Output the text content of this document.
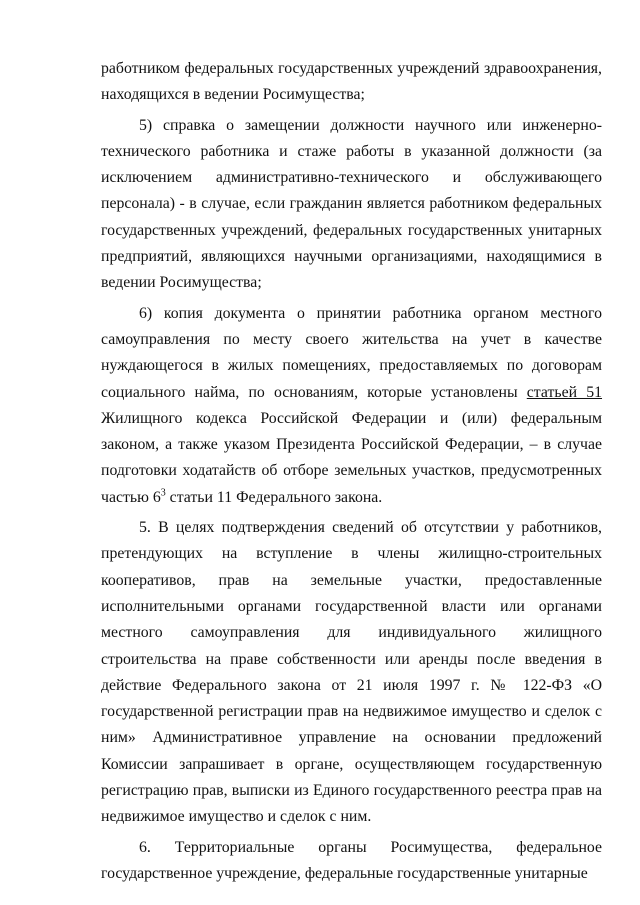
работником федеральных государственных учреждений здравоохранения, находящихся в ведении Росимущества;

5) справка о замещении должности научного или инженерно-технического работника и стаже работы в указанной должности (за исключением административно-технического и обслуживающего персонала) - в случае, если гражданин является работником федеральных государственных учреждений, федеральных государственных унитарных предприятий, являющихся научными организациями, находящимися в ведении Росимущества;

6) копия документа о принятии работника органом местного самоуправления по месту своего жительства на учет в качестве нуждающегося в жилых помещениях, предоставляемых по договорам социального найма, по основаниям, которые установлены статьей 51 Жилищного кодекса Российской Федерации и (или) федеральным законом, а также указом Президента Российской Федерации, – в случае подготовки ходатайств об отборе земельных участков, предусмотренных частью $6^3$ статьи 11 Федерального закона.

5. В целях подтверждения сведений об отсутствии у работников, претендующих на вступление в члены жилищно-строительных кооперативов, прав на земельные участки, предоставленные исполнительными органами государственной власти или органами местного самоуправления для индивидуального жилищного строительства на праве собственности или аренды после введения в действие Федерального закона от 21 июля 1997 г. № 122-ФЗ «О государственной регистрации прав на недвижимое имущество и сделок с ним» Административное управление на основании предложений Комиссии запрашивает в органе, осуществляющем государственную регистрацию прав, выписки из Единого государственного реестра прав на недвижимое имущество и сделок с ним.

6. Территориальные органы Росимущества, федеральное государственное учреждение, федеральные государственные унитарные
